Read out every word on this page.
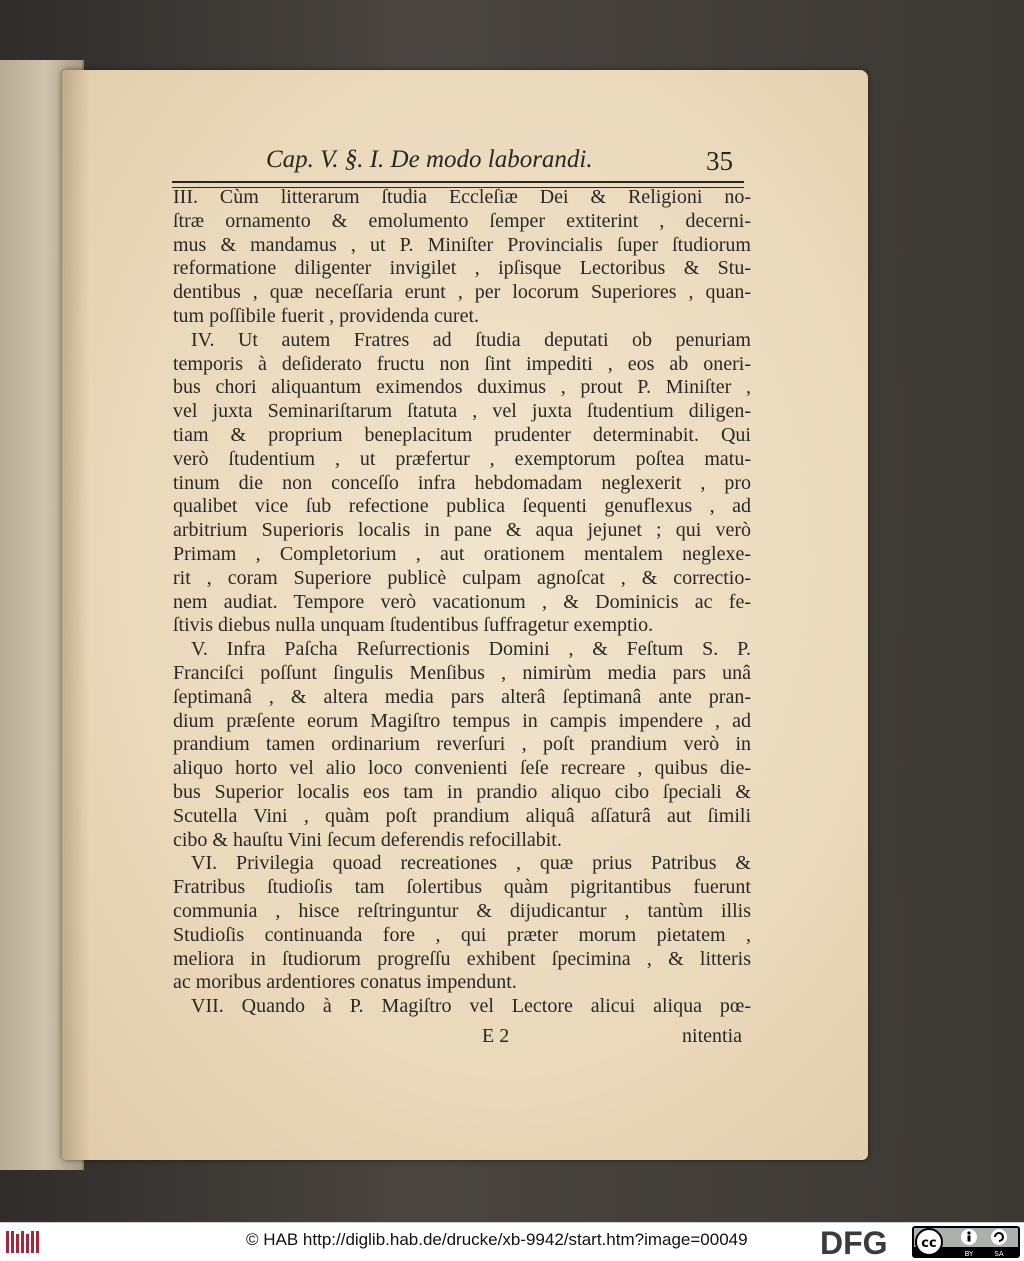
Cap. V. §. I. De modo laborandi.	35
III. Cùm litterarum ſtudia Eccleſiæ Dei & Religioni no-
ſtræ ornamento & emolumento ſemper extiterint , decerni-
mus & mandamus , ut P. Miniſter Provincialis ſuper ſtudiorum
reformatione diligenter invigilet , ipſisque Lectoribus & Stu-
dentibus , quæ neceſſaria erunt , per locorum Superiores , quan-
tum poſſibile fuerit , providenda curet.
IV. Ut autem Fratres ad ſtudia deputati ob penuriam
temporis à deſiderato fructu non ſint impediti , eos ab oneri-
bus chori aliquantum eximendos duximus , prout P. Miniſter ,
vel juxta Seminariſtarum ſtatuta , vel juxta ſtudentium diligen-
tiam & proprium beneplacitum prudenter determinabit. Qui
verò ſtudentium , ut præfertur , exemptorum poſtea matu-
tinum die non conceſſo infra hebdomadam neglexerit , pro
qualibet vice ſub refectione publica ſequenti genuflexus , ad
arbitrium Superioris localis in pane & aqua jejunet ; qui verò
Primam , Completorium , aut orationem mentalem neglexe-
rit , coram Superiore publicè culpam agnoſcat , & correctio-
nem audiat. Tempore verò vacationum , & Dominicis ac fe-
ſtivis diebus nulla unquam ſtudentibus ſuffragetur exemptio.
V. Infra Paſcha Reſurrectionis Domini , & Feſtum S. P.
Franciſci poſſunt ſingulis Menſibus , nimirùm media pars unâ
ſeptimanâ , & altera media pars alterâ ſeptimanâ ante pran-
dium præſente eorum Magiſtro tempus in campis impendere , ad
prandium tamen ordinarium reverſuri , poſt prandium verò in
aliquo horto vel alio loco convenienti ſeſe recreare , quibus die-
bus Superior localis eos tam in prandio aliquo cibo ſpeciali &
Scutella Vini , quàm poſt prandium aliquâ aſſaturâ aut ſimili
cibo & hauſtu Vini ſecum deferendis refocillabit.
VI. Privilegia quoad recreationes , quæ prius Patribus &
Fratribus ſtudioſis tam ſolertibus quàm pigritantibus fuerunt
communia , hisce reſtringuntur & dijudicantur , tantùm illis
Studioſis continuanda fore , qui præter morum pietatem ,
meliora in ſtudiorum progreſſu exhibent ſpecimina , & litteris
ac moribus ardentiores conatus impendunt.
VII. Quando à P. Magiſtro vel Lectore alicui aliqua pœ-
E 2	nitentia
© HAB http://diglib.hab.de/drucke/xb-9942/start.htm?image=00049 DFG	cc
BY	SA
